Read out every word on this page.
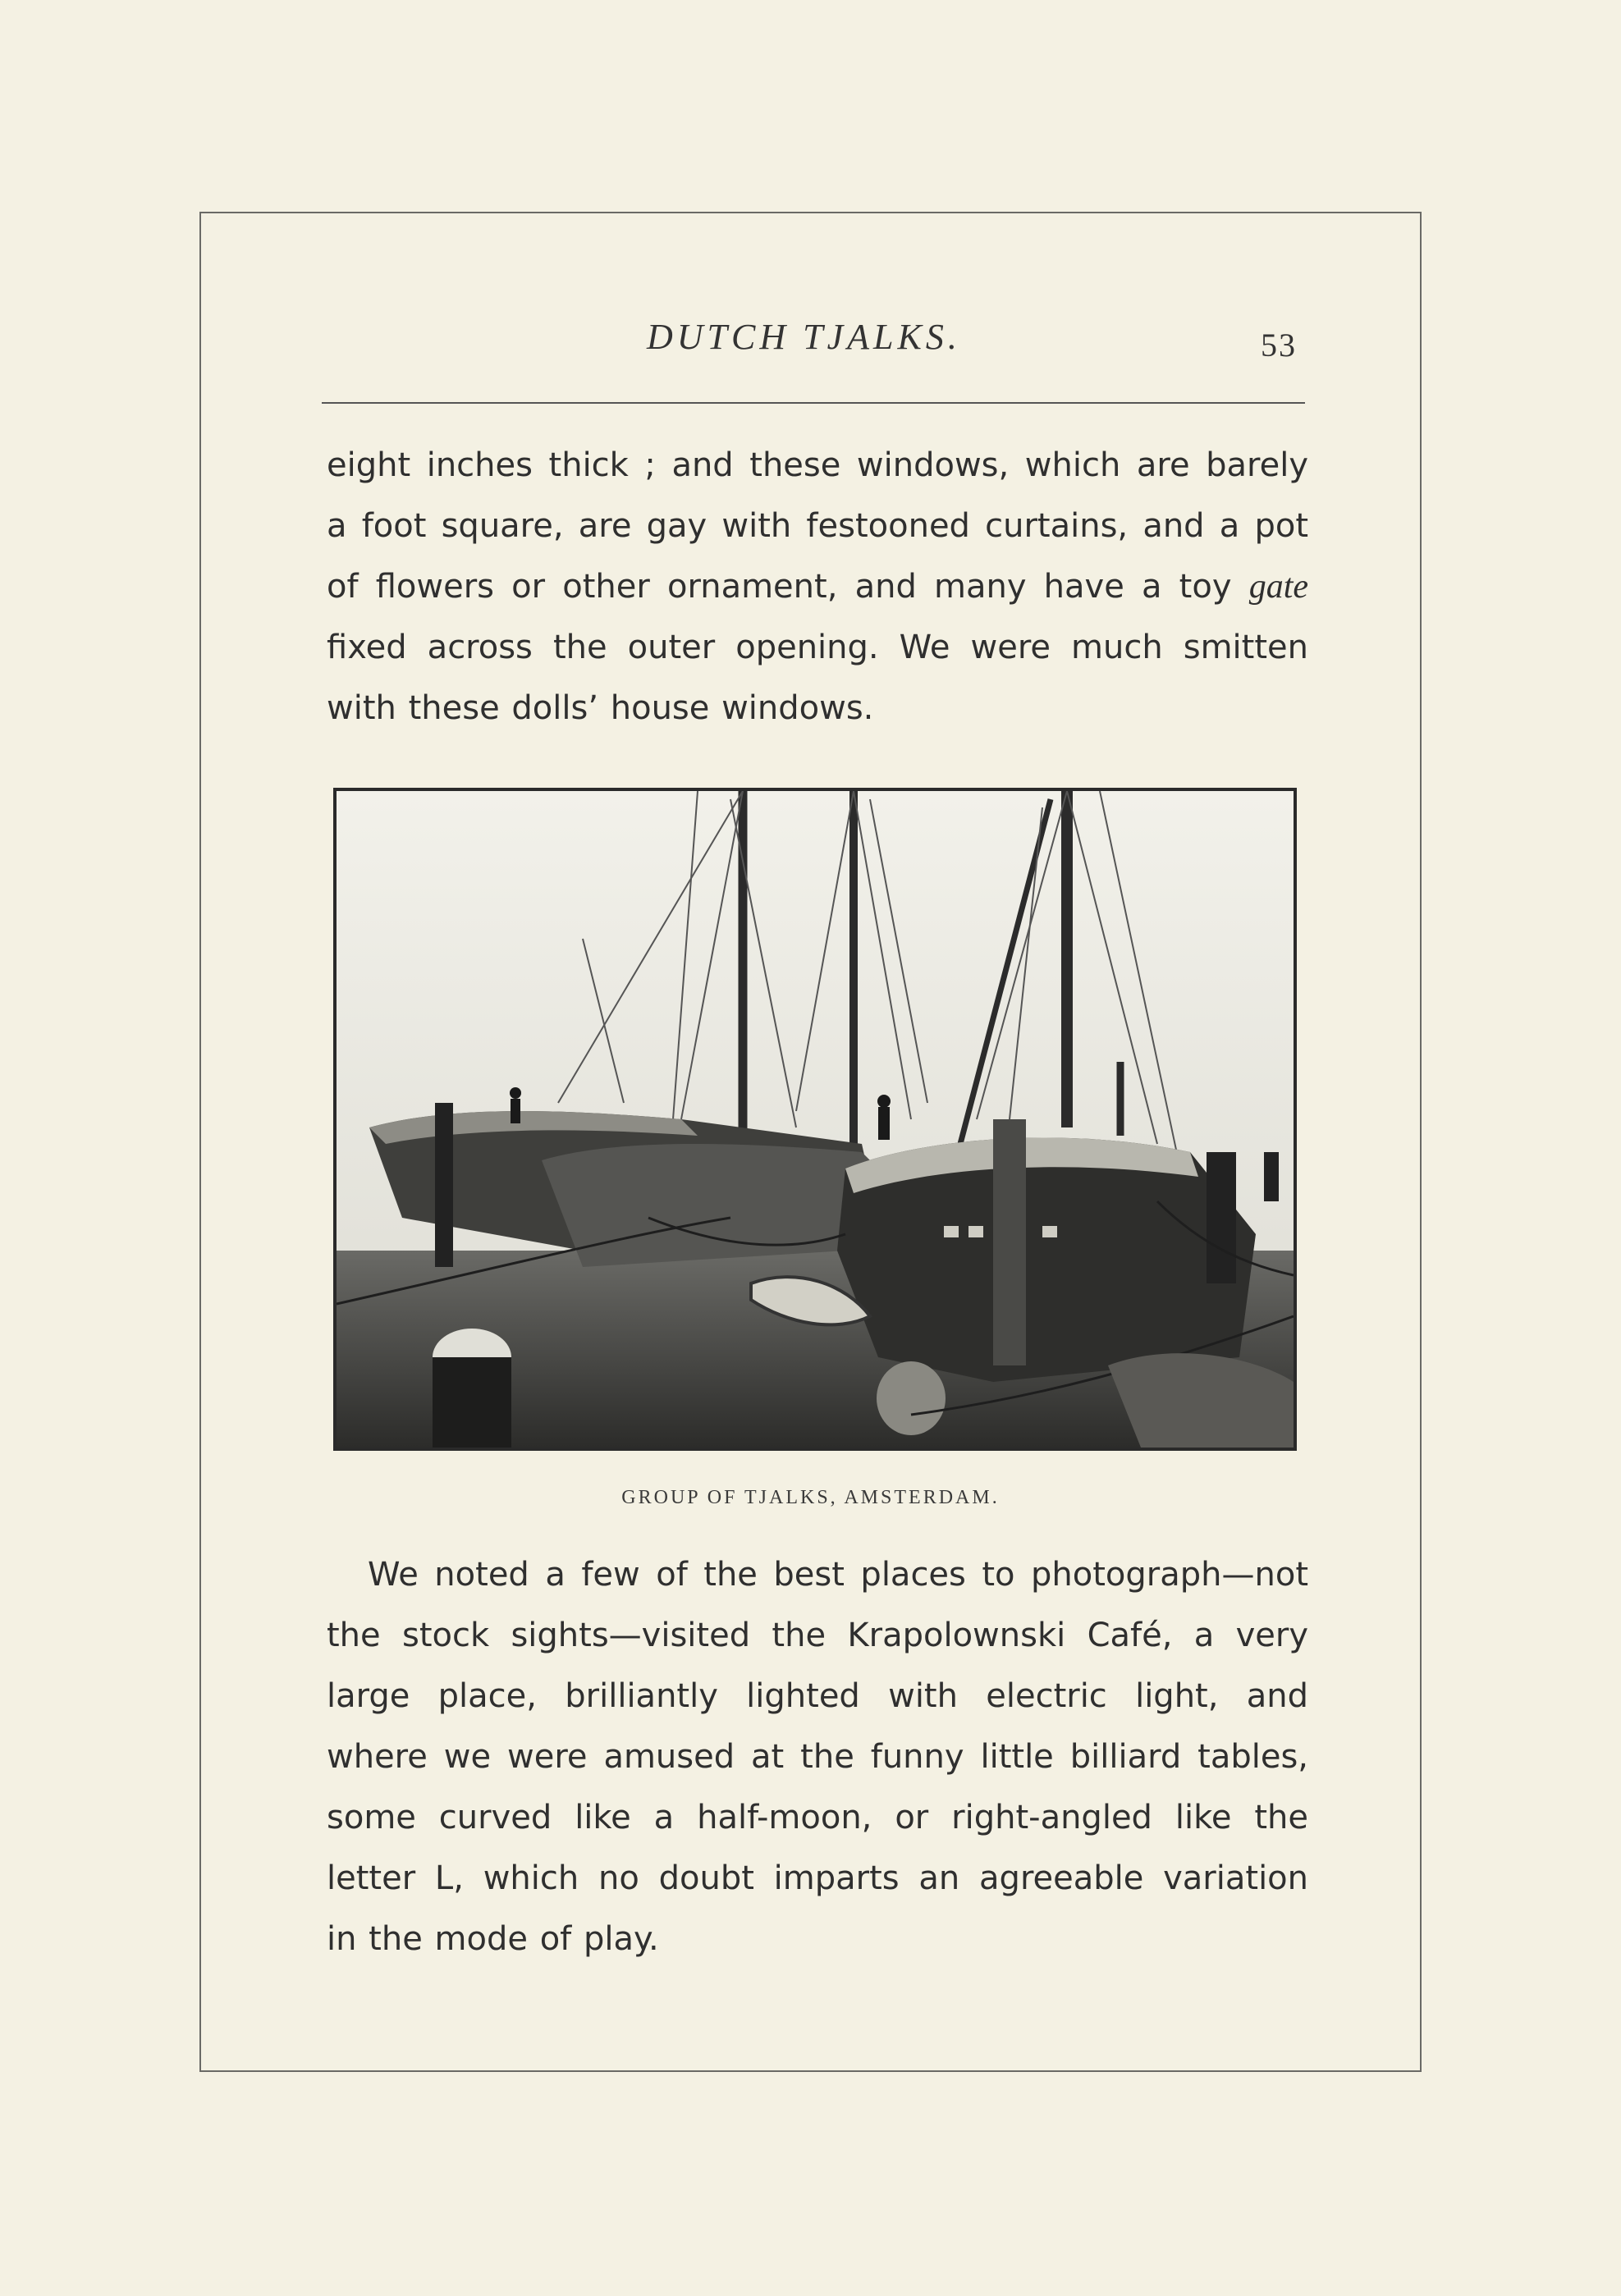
DUTCH TJALKS.	53
eight inches thick ; and these windows, which are barely
a foot square, are gay with festooned curtains, and a pot
of flowers or other ornament, and many have a toy gate
fixed across the outer opening. We were much smitten
with these dolls’ house windows.
GROUP OF TJALKS, AMSTERDAM.
We noted a few of the best places to photograph—not
the stock sights—visited the Krapolownski Café, a very
large place, brilliantly lighted with electric light, and
where we were amused at the funny little billiard tables,
some curved like a half-moon, or right-angled like the
letter L, which no doubt imparts an agreeable variation
in the mode of play.
